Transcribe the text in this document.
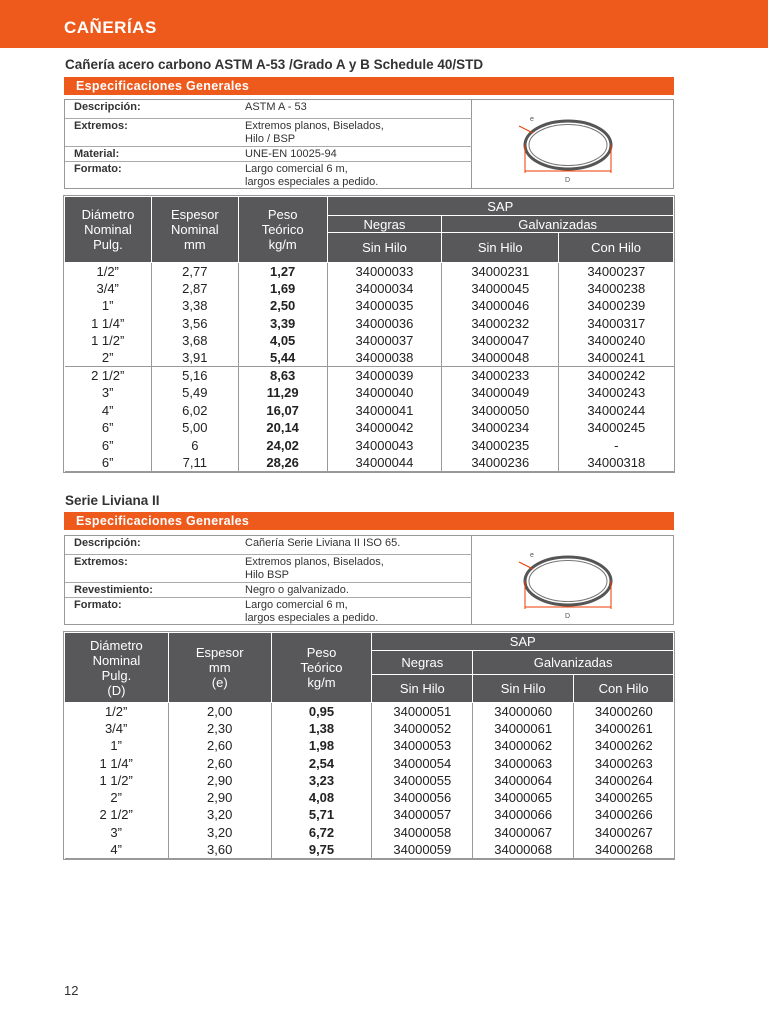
CAÑERÍAS
Cañería acero carbono ASTM A-53 /Grado A y B Schedule 40/STD
Especificaciones Generales
Descripción:	ASTM A - 53
Extremos:	Extremos planos, Biselados,
Hilo / BSP
Material:	UNE-EN 10025-94
Formato:	Largo comercial 6 m,
largos especiales a pedido.
e
D
Diámetro
Nominal
Pulg.	Espesor
Nominal
mm	Peso
Teórico
kg/m	SAP		
			Negras	Galvanizadas	
			Sin Hilo	Sin Hilo	Con Hilo
1/2”	2,77	1,27	34000033	34000231	34000237
3/4”	2,87	1,69	34000034	34000045	34000238
1”	3,38	2,50	34000035	34000046	34000239
1 1/4”	3,56	3,39	34000036	34000232	34000317
1 1/2”	3,68	4,05	34000037	34000047	34000240
2”	3,91	5,44	34000038	34000048	34000241
2 1/2”	5,16	8,63	34000039	34000233	34000242
3”	5,49	11,29	34000040	34000049	34000243
4”	6,02	16,07	34000041	34000050	34000244
6”	5,00	20,14	34000042	34000234	34000245
6”	6	24,02	34000043	34000235	-
6”	7,11	28,26	34000044	34000236	34000318
Serie Liviana II
Especificaciones Generales
Descripción:	Cañería Serie Liviana II ISO 65.
Extremos:	Extremos planos, Biselados,
Hilo BSP
Revestimiento:	Negro o galvanizado.
Formato:	Largo comercial 6 m,
largos especiales a pedido.
e
D
Diámetro
Nominal
Pulg.
(D)	Espesor
mm
(e)	Peso
Teórico
kg/m	SAP		
			Negras	Galvanizadas	
			Sin Hilo	Sin Hilo	Con Hilo
1/2”	2,00	0,95	34000051	34000060	34000260
3/4”	2,30	1,38	34000052	34000061	34000261
1”	2,60	1,98	34000053	34000062	34000262
1 1/4”	2,60	2,54	34000054	34000063	34000263
1 1/2”	2,90	3,23	34000055	34000064	34000264
2”	2,90	4,08	34000056	34000065	34000265
2 1/2”	3,20	5,71	34000057	34000066	34000266
3”	3,20	6,72	34000058	34000067	34000267
4”	3,60	9,75	34000059	34000068	34000268
12
